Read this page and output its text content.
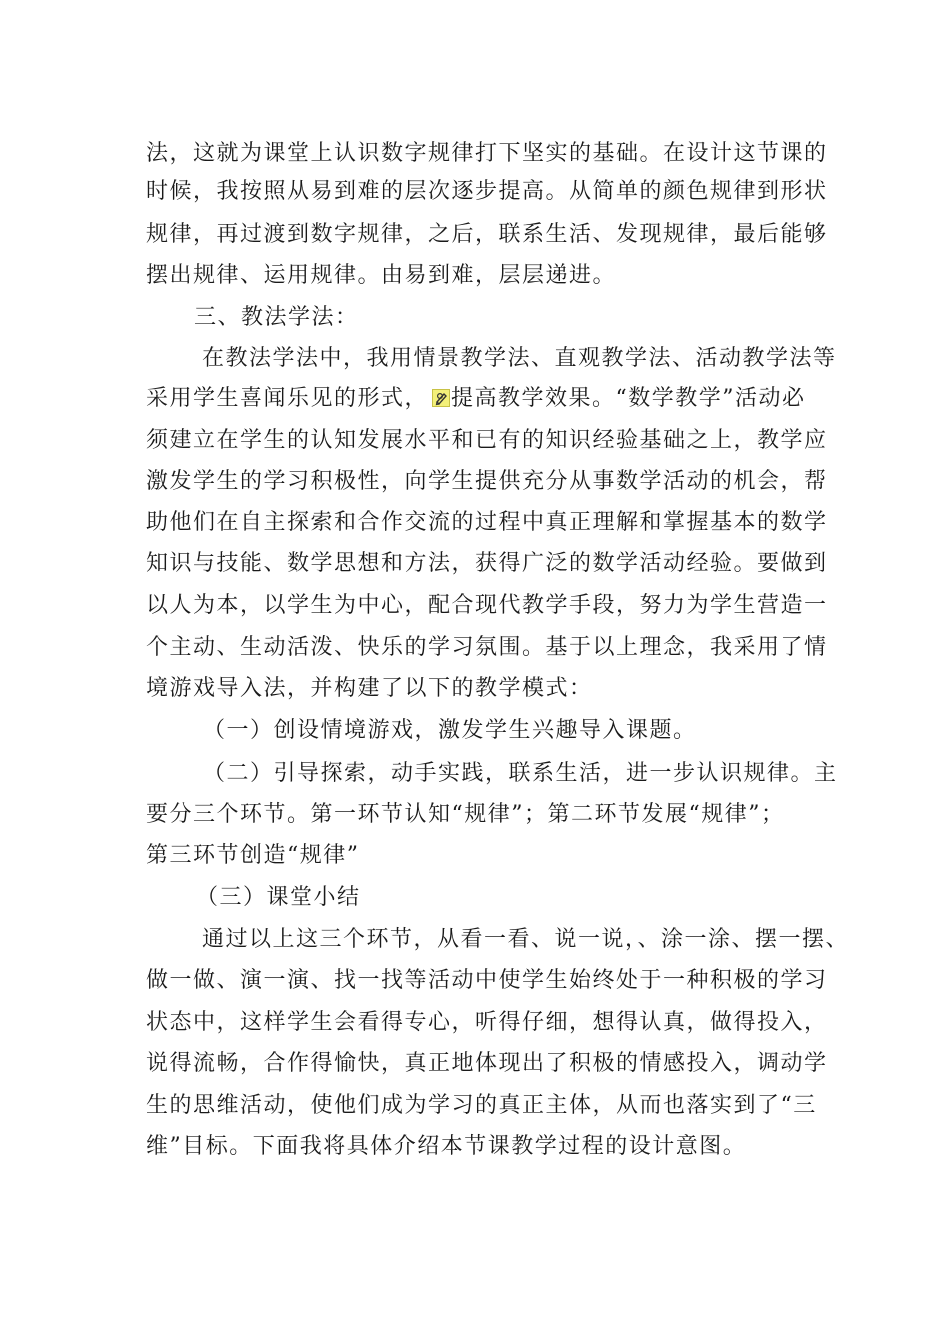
法，这就为课堂上认识数字规律打下坚实的基础。在设计这节课的
时候，我按照从易到难的层次逐步提高。从简单的颜色规律到形状
规律，再过渡到数字规律，之后，联系生活、发现规律，最后能够
摆出规律、运用规律。由易到难，层层递进。
三、教法学法：
在教法学法中，我用情景教学法、直观教学法、活动教学法等
采用学生喜闻乐见的形式， 提高教学效果。“数学教学”活动必
须建立在学生的认知发展水平和已有的知识经验基础之上，教学应
激发学生的学习积极性，向学生提供充分从事数学活动的机会，帮
助他们在自主探索和合作交流的过程中真正理解和掌握基本的数学
知识与技能、数学思想和方法，获得广泛的数学活动经验。要做到
以人为本，以学生为中心，配合现代教学手段，努力为学生营造一
个主动、生动活泼、快乐的学习氛围。基于以上理念，我采用了情
境游戏导入法，并构建了以下的教学模式：
（一）创设情境游戏，激发学生兴趣导入课题。
（二）引导探索，动手实践，联系生活，进一步认识规律。主
要分三个环节。第一环节认知“规律”；第二环节发展“规律”；
第三环节创造“规律”
（三）课堂小结
通过以上这三个环节，从看一看、说一说，、涂一涂、摆一摆、
做一做、演一演、找一找等活动中使学生始终处于一种积极的学习
状态中，这样学生会看得专心，听得仔细，想得认真，做得投入，
说得流畅，合作得愉快，真正地体现出了积极的情感投入，调动学
生的思维活动，使他们成为学习的真正主体，从而也落实到了“三
维”目标。下面我将具体介绍本节课教学过程的设计意图。
